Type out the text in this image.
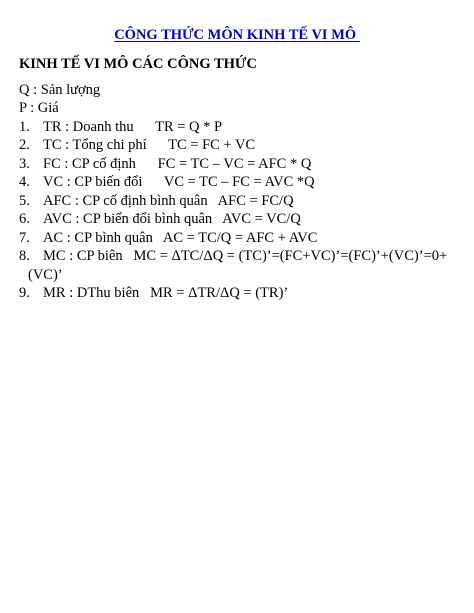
CÔNG THỨC MÔN KINH TẾ VI MÔ
KINH TẾ VI MÔ CÁC CÔNG THỨC
Q : Sản lượng
P : Giá
1. TR : Doanh thu      TR = Q * P
2. TC : Tổng chi phí      TC = FC + VC
3. FC : CP cố định      FC = TC – VC = AFC * Q
4. VC : CP biến đổi      VC = TC – FC = AVC *Q
5. AFC : CP cố định bình quân   AFC = FC/Q
6. AVC : CP biến đổi bình quân   AVC = VC/Q
7. AC : CP bình quân   AC = TC/Q = AFC + AVC
8. MC : CP biên   MC = ΔTC/ΔQ = (TC)’=(FC+VC)’=(FC)’+(VC)’=0+
(VC)’
9. MR : DThu biên   MR = ΔTR/ΔQ = (TR)’
